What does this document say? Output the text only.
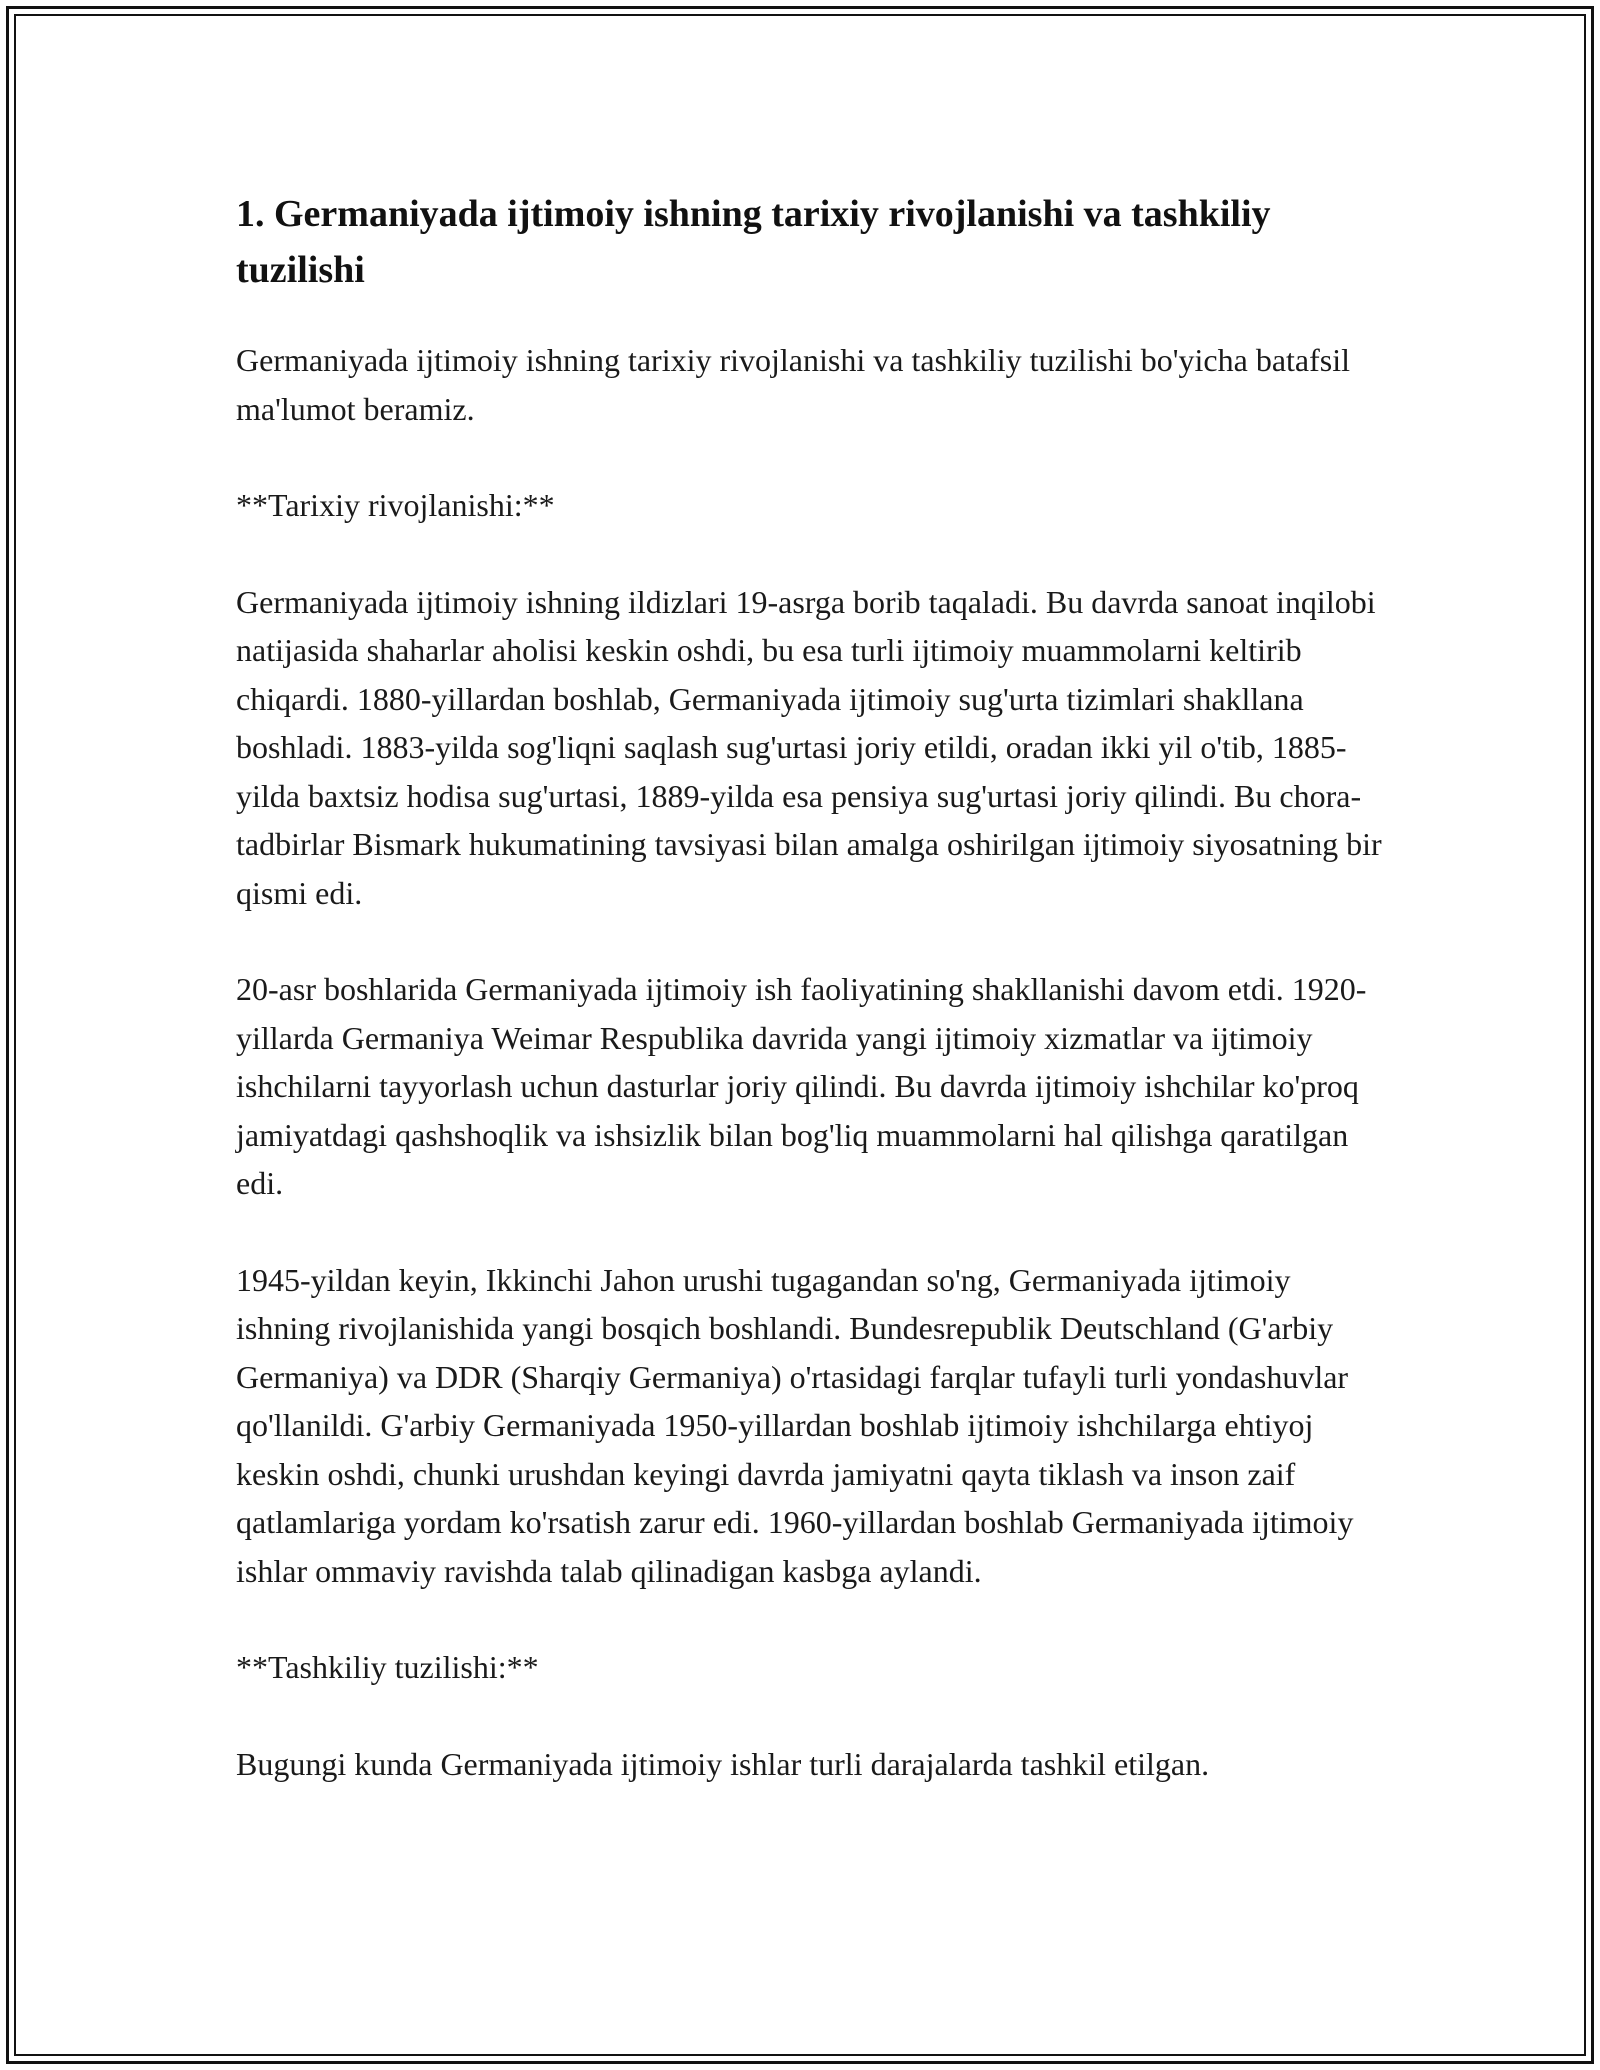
1. Germaniyada ijtimoiy ishning tarixiy rivojlanishi va tashkiliy tuzilishi

Germaniyada ijtimoiy ishning tarixiy rivojlanishi va tashkiliy tuzilishi bo'yicha batafsil ma'lumot beramiz.

**Tarixiy rivojlanishi:**

Germaniyada ijtimoiy ishning ildizlari 19-asrga borib taqaladi. Bu davrda sanoat inqilobi natijasida shaharlar aholisi keskin oshdi, bu esa turli ijtimoiy muammolarni keltirib chiqardi. 1880-yillardan boshlab, Germaniyada ijtimoiy sug'urta tizimlari shakllana boshladi. 1883-yilda sog'liqni saqlash sug'urtasi joriy etildi, oradan ikki yil o'tib, 1885-yilda baxtsiz hodisa sug'urtasi, 1889-yilda esa pensiya sug'urtasi joriy qilindi. Bu chora-tadbirlar Bismark hukumatining tavsiyasi bilan amalga oshirilgan ijtimoiy siyosatning bir qismi edi.

20-asr boshlarida Germaniyada ijtimoiy ish faoliyatining shakllanishi davom etdi. 1920-yillarda Germaniya Weimar Respublika davrida yangi ijtimoiy xizmatlar va ijtimoiy ishchilarni tayyorlash uchun dasturlar joriy qilindi. Bu davrda ijtimoiy ishchilar ko'proq jamiyatdagi qashshoqlik va ishsizlik bilan bog'liq muammolarni hal qilishga qaratilgan edi.

1945-yildan keyin, Ikkinchi Jahon urushi tugagandan so'ng, Germaniyada ijtimoiy ishning rivojlanishida yangi bosqich boshlandi. Bundesrepublik Deutschland (G'arbiy Germaniya) va DDR (Sharqiy Germaniya) o'rtasidagi farqlar tufayli turli yondashuvlar qo'llanildi. G'arbiy Germaniyada 1950-yillardan boshlab ijtimoiy ishchilarga ehtiyoj keskin oshdi, chunki urushdan keyingi davrda jamiyatni qayta tiklash va inson zaif qatlamlariga yordam ko'rsatish zarur edi. 1960-yillardan boshlab Germaniyada ijtimoiy ishlar ommaviy ravishda talab qilinadigan kasbga aylandi.

**Tashkiliy tuzilishi:**

Bugungi kunda Germaniyada ijtimoiy ishlar turli darajalarda tashkil etilgan.
